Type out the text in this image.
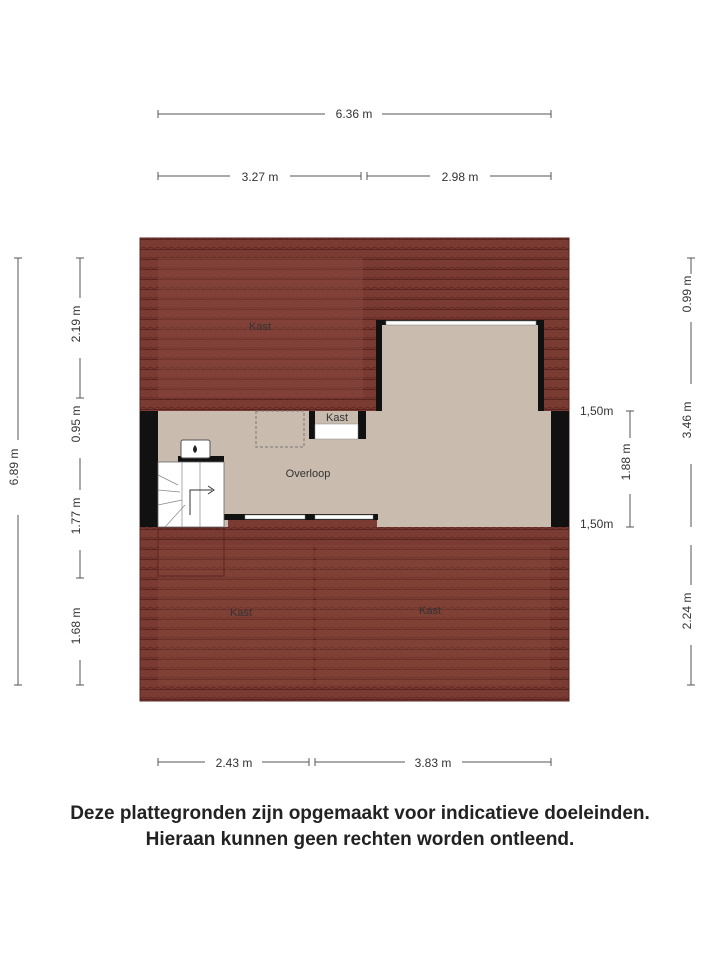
Kast
Kast
Overloop
Kast	Kast
6.36 m
3.27 m	2.98 m
2.43 m	3.83 m
6.89 m
2.19 m
0.95 m
1.77 m
1.68 m
0.99 m
3.46 m
2.24 m
1.88 m
1,50m
1,50m
Deze plattegronden zijn opgemaakt voor indicatieve doeleinden.
Hieraan kunnen geen rechten worden ontleend.
